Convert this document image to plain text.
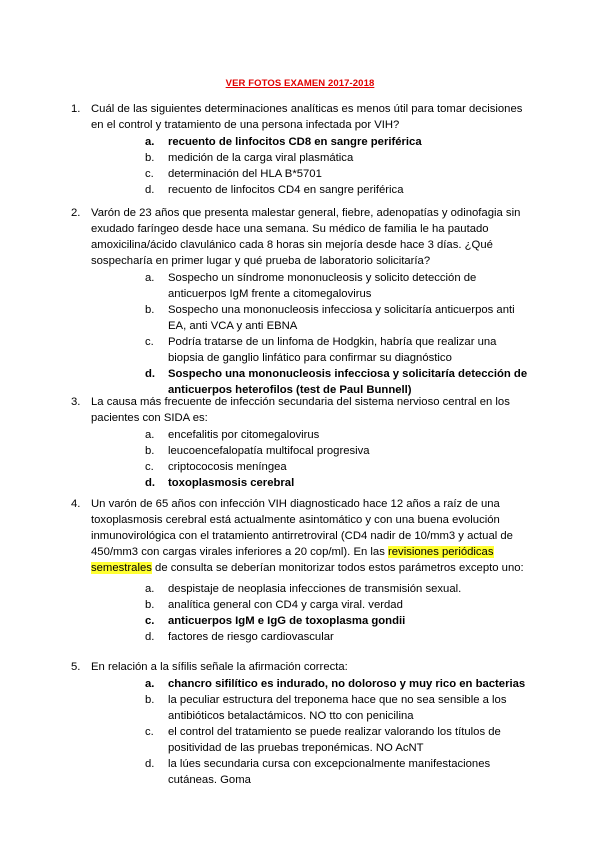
VER FOTOS EXAMEN 2017-2018
1. Cuál de las siguientes determinaciones analíticas es menos útil para tomar decisiones en el control y tratamiento de una persona infectada por VIH?
a. recuento de linfocitos CD8 en sangre periférica
b. medición de la carga viral plasmática
c. determinación del HLA B*5701
d. recuento de linfocitos CD4 en sangre periférica
2. Varón de 23 años que presenta malestar general, fiebre, adenopatías y odinofagia sin exudado faríngeo desde hace una semana. Su médico de familia le ha pautado amoxicilina/ácido clavulánico cada 8 horas sin mejoría desde hace 3 días. ¿Qué sospecharía en primer lugar y qué prueba de laboratorio solicitaría?
a. Sospecho un síndrome mononucleosis y solicito detección de anticuerpos IgM frente a citomegalovirus
b. Sospecho una mononucleosis infecciosa y solicitaría anticuerpos anti EA, anti VCA y anti EBNA
c. Podría tratarse de un linfoma de Hodgkin, habría que realizar una biopsia de ganglio linfático para confirmar su diagnóstico
d. Sospecho una mononucleosis infecciosa y solicitaría detección de anticuerpos heterofilos (test de Paul Bunnell)
3. La causa más frecuente de infección secundaria del sistema nervioso central en los pacientes con SIDA es:
a. encefalitis por citomegalovirus
b. leucoencefalopatía multifocal progresiva
c. criptococosis meníngea
d. toxoplasmosis cerebral
4. Un varón de 65 años con infección VIH diagnosticado hace 12 años a raíz de una toxoplasmosis cerebral está actualmente asintomático y con una buena evolución inmunovirológica con el tratamiento antirretroviral (CD4 nadir de 10/mm3 y actual de 450/mm3 con cargas virales inferiores a 20 cop/ml). En las revisiones periódicas semestrales de consulta se deberían monitorizar todos estos parámetros excepto uno:
a. despistaje de neoplasia infecciones de transmisión sexual.
b. analítica general con CD4 y carga viral. verdad
c. anticuerpos IgM e IgG de toxoplasma gondii
d. factores de riesgo cardiovascular
5. En relación a la sífilis señale la afirmación correcta:
a. chancro sifilítico es indurado, no doloroso y muy rico en bacterias
b. la peculiar estructura del treponema hace que no sea sensible a los antibióticos betalactámicos. NO tto con penicilina
c. el control del tratamiento se puede realizar valorando los títulos de positividad de las pruebas treponémicas. NO AcNT
d. la lúes secundaria cursa con excepcionalmente manifestaciones cutáneas. Goma
